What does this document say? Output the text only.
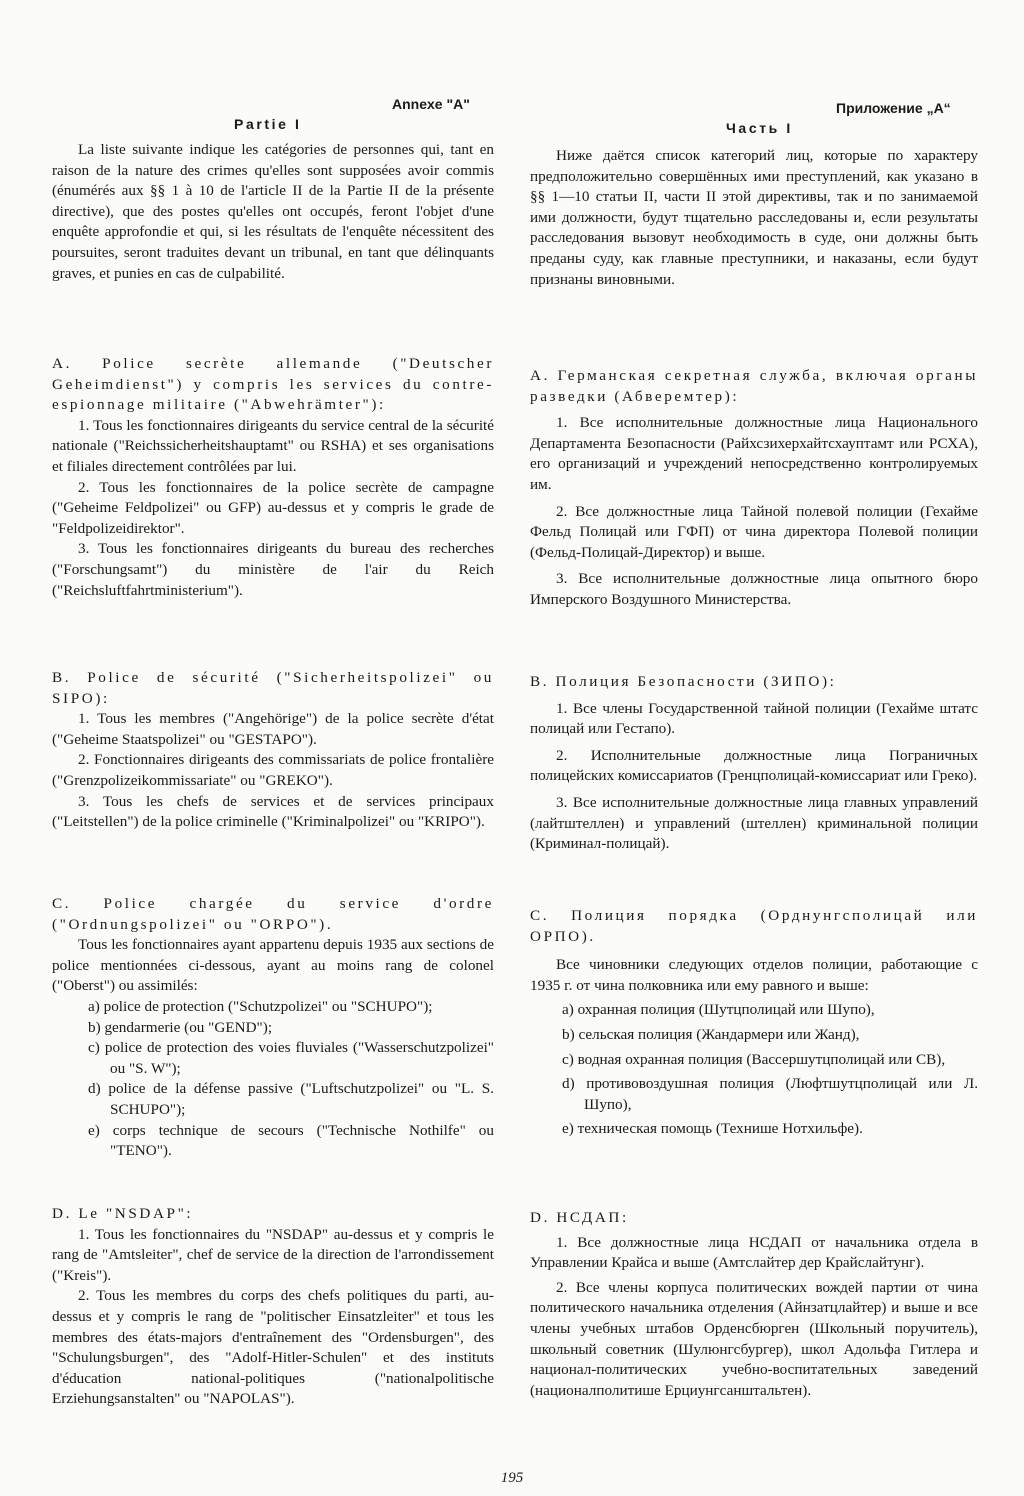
Annexe "A"
Partie I

La liste suivante indique les catégories de personnes qui, tant en raison de la nature des crimes qu'elles sont supposées avoir commis (énumérés aux §§ 1 à 10 de l'article II de la Partie II de la présente directive), que des postes qu'elles ont occupés, feront l'objet d'une enquête approfondie et qui, si les résultats de l'enquête nécessitent des poursuites, seront traduites devant un tribunal, en tant que délinquants graves, et punies en cas de culpabilité.

A. Police secrète allemande ("Deutscher Geheimdienst") y compris les services du contre-espionnage militaire ("Abwehrämter"):

1. Tous les fonctionnaires dirigeants du service central de la sécurité nationale ("Reichssicherheitshauptamt" ou RSHA) et ses organisations et filiales directement contrôlées par lui.
2. Tous les fonctionnaires de la police secrète de campagne ("Geheime Feldpolizei" ou GFP) au-dessus et y compris le grade de "Feldpolizeidirektor".
3. Tous les fonctionnaires dirigeants du bureau des recherches ("Forschungsamt") du ministère de l'air du Reich ("Reichsluftfahrtministerium").

B. Police de sécurité ("Sicherheitspolizei" ou SIPO):

1. Tous les membres ("Angehörige") de la police secrète d'état ("Geheime Staatspolizei" ou "GESTAPO").
2. Fonctionnaires dirigeants des commissariats de police frontalière ("Grenzpolizeikommissariate" ou "GREKO").
3. Tous les chefs de services et de services principaux ("Leitstellen") de la police criminelle ("Kriminalpolizei" ou "KRIPO").

C. Police chargée du service d'ordre ("Ordnungspolizei" ou "ORPO").

Tous les fonctionnaires ayant appartenu depuis 1935 aux sections de police mentionnées ci-dessous, ayant au moins rang de colonel ("Oberst") ou assimilés:

a) police de protection ("Schutzpolizei" ou "SCHUPO");
b) gendarmerie (ou "GEND");
c) police de protection des voies fluviales ("Wasserschutzpolizei" ou "S. W");
d) police de la défense passive ("Luftschutzpolizei" ou "L. S. SCHUPO");
e) corps technique de secours ("Technische Nothilfe" ou "TENO").

D. Le "NSDAP":

1. Tous les fonctionnaires du "NSDAP" au-dessus et y compris le rang de "Amtsleiter", chef de service de la direction de l'arrondissement ("Kreis").
2. Tous les membres du corps des chefs politiques du parti, au-dessus et y compris le rang de "politischer Einsatzleiter" et tous les membres des états-majors d'entraînement des "Ordensburgen", des "Schulungsburgen", des "Adolf-Hitler-Schulen" et des instituts d'éducation national-politiques ("nationalpolitische Erziehungsanstalten" ou "NAPOLAS").
Приложение „А“
Часть I

Ниже даётся список категорий лиц, которые по характеру предположительно совершённых ими преступлений, как указано в §§ 1—10 статьи II, части II этой директивы, так и по занимаемой ими должности, будут тщательно расследованы и, если результаты расследования вызовут необходимость в суде, они должны быть преданы суду, как главные преступники, и наказаны, если будут признаны виновными.

А. Германская секретная служба, включая органы разведки (Абверемтер):

1. Все исполнительные должностные лица Национального Департамента Безопасности (Райхсзихерхайтсхауптамт или РСХА), его организаций и учреждений непосредственно контролируемых им.
2. Все должностные лица Тайной полевой полиции (Гехайме Фельд Полицай или ГФП) от чина директора Полевой полиции (Фельд-Полицай-Директор) и выше.
3. Все исполнительные должностные лица опытного бюро Имперского Воздушного Министерства.

В. Полиция Безопасности (ЗИПО):

1. Все члены Государственной тайной полиции (Гехайме штатс полицай или Гестапо).
2. Исполнительные должностные лица Пограничных полицейских комиссариатов (Гренцполицай-комиссариат или Греко).
3. Все исполнительные должностные лица главных управлений (лайтштеллен) и управлений (штеллен) криминальной полиции (Криминал-полицай).

С. Полиция порядка (Орднунгсполицай или ОРПО).

Все чиновники следующих отделов полиции, работающие с 1935 г. от чина полковника или ему равного и выше:

а) охранная полиция (Шутцполицай или Шупо),
b) сельская полиция (Жандармери или Жанд),
с) водная охранная полиция (Вассершутцполицай или СВ),
d) противовоздушная полиция (Люфтшутцполицай или Л. Шупо),
е) техническая помощь (Технише Нотхильфе).

D. НСДАП:

1. Все должностные лица НСДАП от начальника отдела в Управлении Крайса и выше (Амтслайтер дер Крайслайтунг).
2. Все члены корпуса политических вождей партии от чина политического начальника отделения (Айнзатцлайтер) и выше и все члены учебных штабов Орденсбюрген (Школьный поручитель), школьный советник (Шулюнгсбургер), школ Адольфа Гитлера и национал-политических учебно-воспитательных заведений (националполитише Ерциунгсанштальтен).
195
